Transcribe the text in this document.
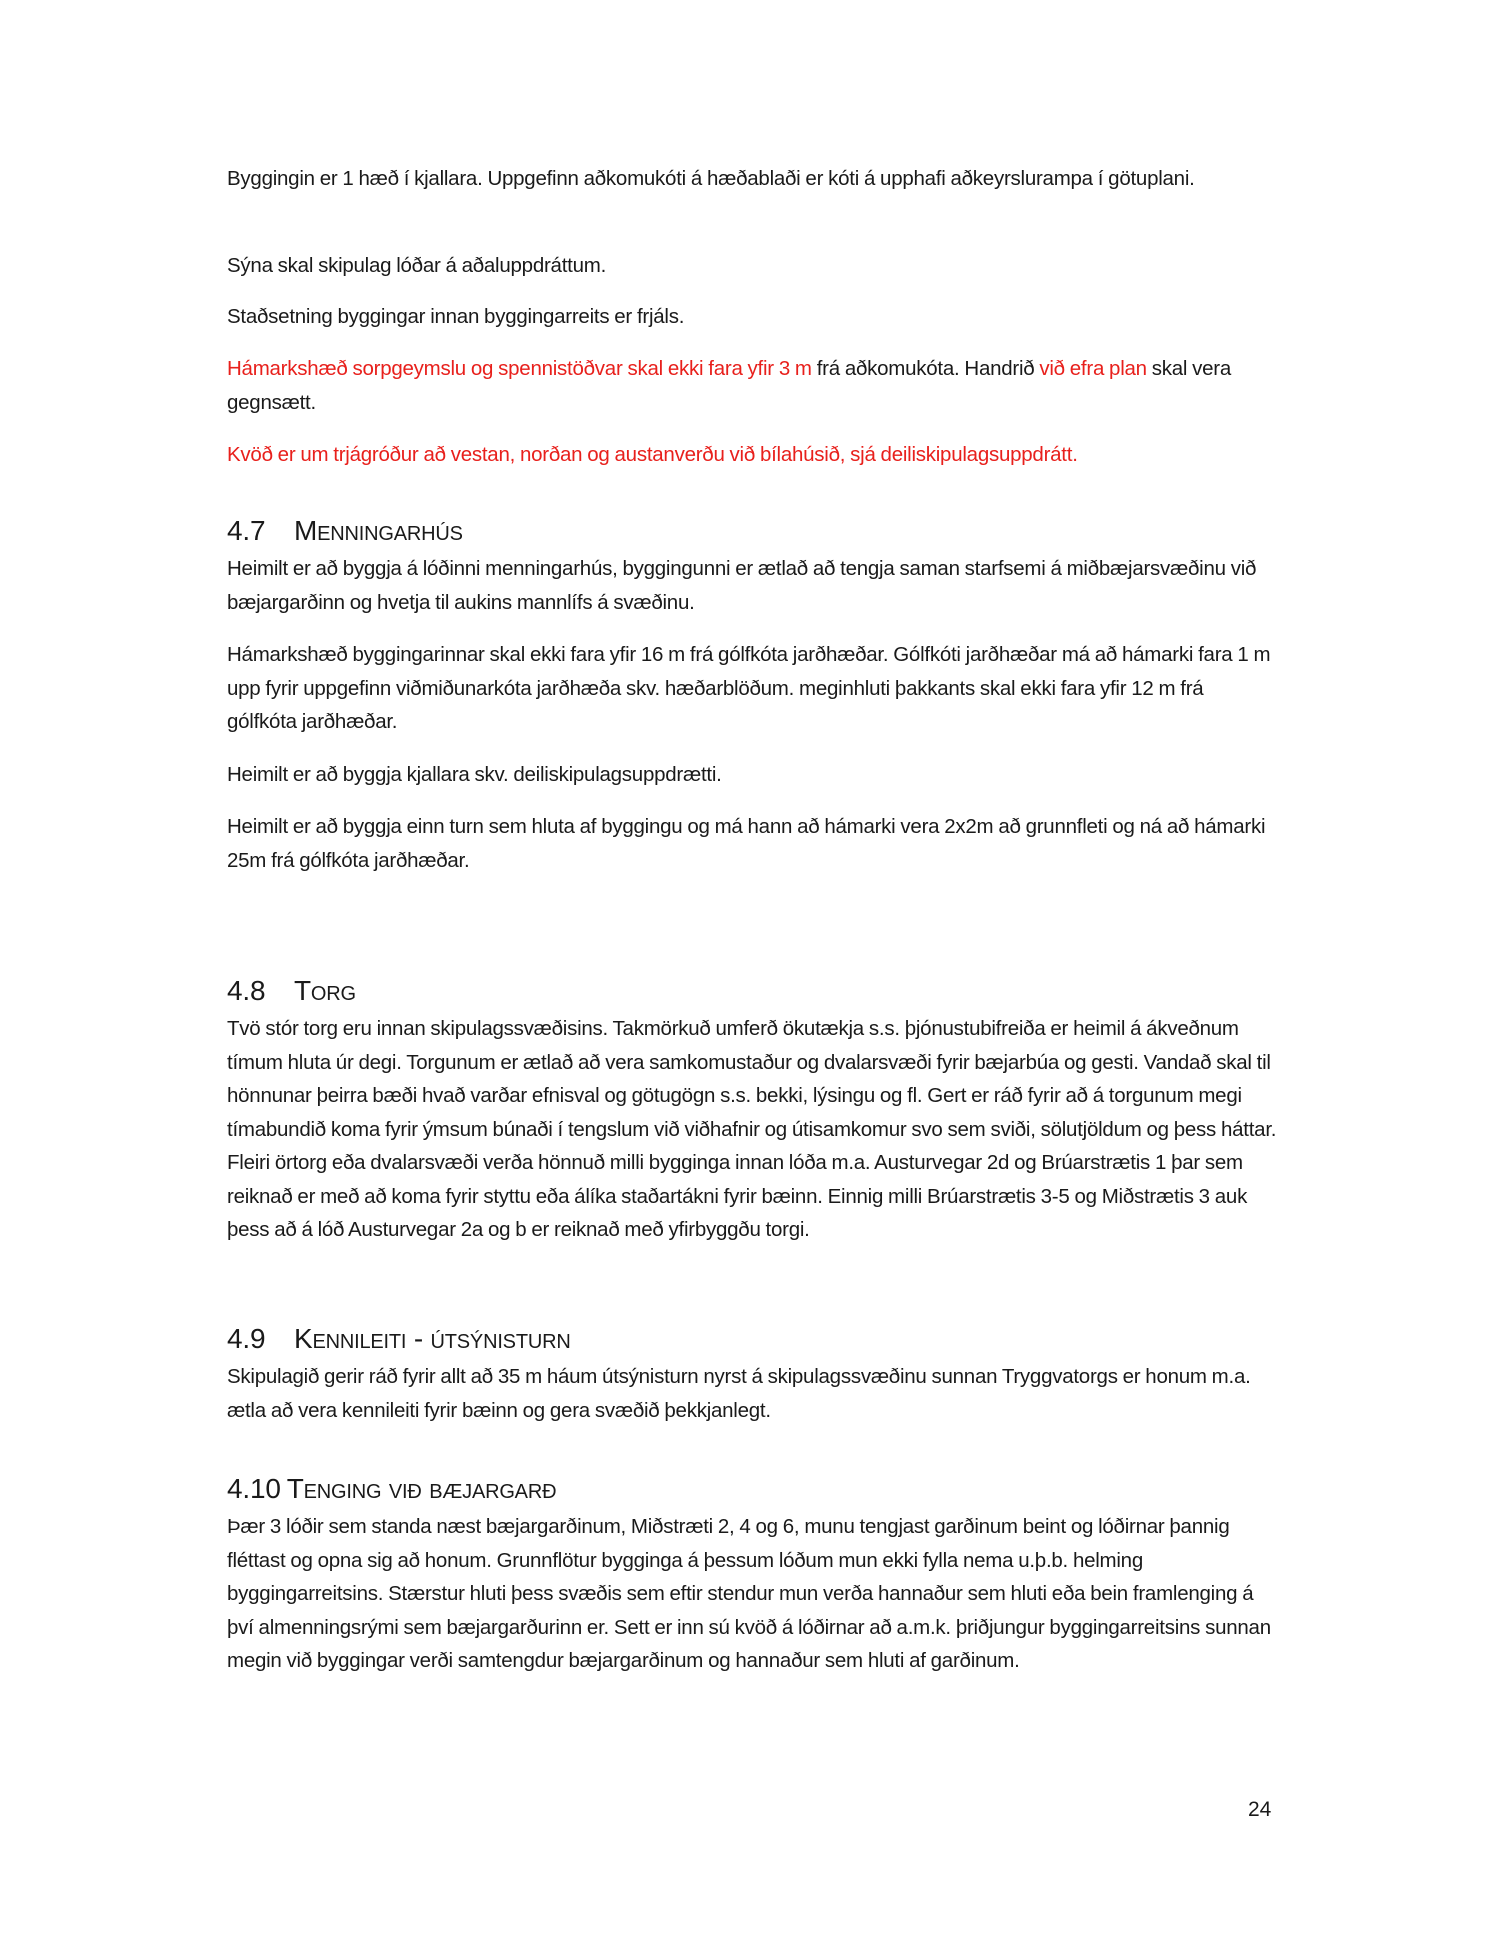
Byggingin er 1 hæð í kjallara. Uppgefinn aðkomukóti á hæðablaði er kóti á upphafi aðkeyrslurampa í götuplani.

Sýna skal skipulag lóðar á aðaluppdráttum.

Staðsetning byggingar innan byggingarreits er frjáls.

Hámarkshæð sorpgeymslu og spennistöðvar skal ekki fara yfir 3 m frá aðkomukóta. Handrið við efra plan skal vera gegnsætt.

Kvöð er um trjágróður að vestan, norðan og austanverðu við bílahúsið, sjá deiliskipulagsuppdrátt.

4.7 Menningarhús

Heimilt er að byggja á lóðinni menningarhús, byggingunni er ætlað að tengja saman starfsemi á miðbæjarsvæðinu við bæjargarðinn og hvetja til aukins mannlífs á svæðinu.

Hámarkshæð byggingarinnar skal ekki fara yfir 16 m frá gólfkóta jarðhæðar. Gólfkóti jarðhæðar má að hámarki fara 1 m upp fyrir uppgefinn viðmiðunarkóta jarðhæða skv. hæðarblöðum. meginhluti þakkants skal ekki fara yfir 12 m frá gólfkóta jarðhæðar.

Heimilt er að byggja kjallara skv. deiliskipulagsuppdrætti.

Heimilt er að byggja einn turn sem hluta af byggingu og má hann að hámarki vera 2x2m að grunnfleti og ná að hámarki 25m frá gólfkóta jarðhæðar.

4.8 Torg

Tvö stór torg eru innan skipulagssvæðisins. Takmörkuð umferð ökutækja s.s. þjónustubifreiða er heimil á ákveðnum tímum hluta úr degi. Torgunum er ætlað að vera samkomustaður og dvalarsvæði fyrir bæjarbúa og gesti. Vandað skal til hönnunar þeirra bæði hvað varðar efnisval og götugögn s.s. bekki, lýsingu og fl. Gert er ráð fyrir að á torgunum megi tímabundið koma fyrir ýmsum búnaði í tengslum við viðhafnir og útisamkomur svo sem sviði, sölutjöldum og þess háttar. Fleiri örtorg eða dvalarsvæði verða hönnuð milli bygginga innan lóða m.a. Austurvegar 2d og Brúarstrætis 1 þar sem reiknað er með að koma fyrir styttu eða álíka staðartákni fyrir bæinn. Einnig milli Brúarstrætis 3-5 og Miðstrætis 3 auk þess að á lóð Austurvegar 2a og b er reiknað með yfirbyggðu torgi.

4.9 Kennileiti - útsýnisturn

Skipulagið gerir ráð fyrir allt að 35 m háum útsýnisturn nyrst á skipulagssvæðinu sunnan Tryggvatorgs er honum m.a. ætla að vera kennileiti fyrir bæinn og gera svæðið þekkjanlegt.

4.10 Tenging við bæjargarð

Þær 3 lóðir sem standa næst bæjargarðinum, Miðstræti 2, 4 og 6, munu tengjast garðinum beint og lóðirnar þannig fléttast og opna sig að honum. Grunnflötur bygginga á þessum lóðum mun ekki fylla nema u.þ.b. helming byggingarreitsins. Stærstur hluti þess svæðis sem eftir stendur mun verða hannaður sem hluti eða bein framlenging á því almenningsrými sem bæjargarðurinn er. Sett er inn sú kvöð á lóðirnar að a.m.k. þriðjungur byggingarreitsins sunnan megin við byggingar verði samtengdur bæjargarðinum og hannaður sem hluti af garðinum.

24
